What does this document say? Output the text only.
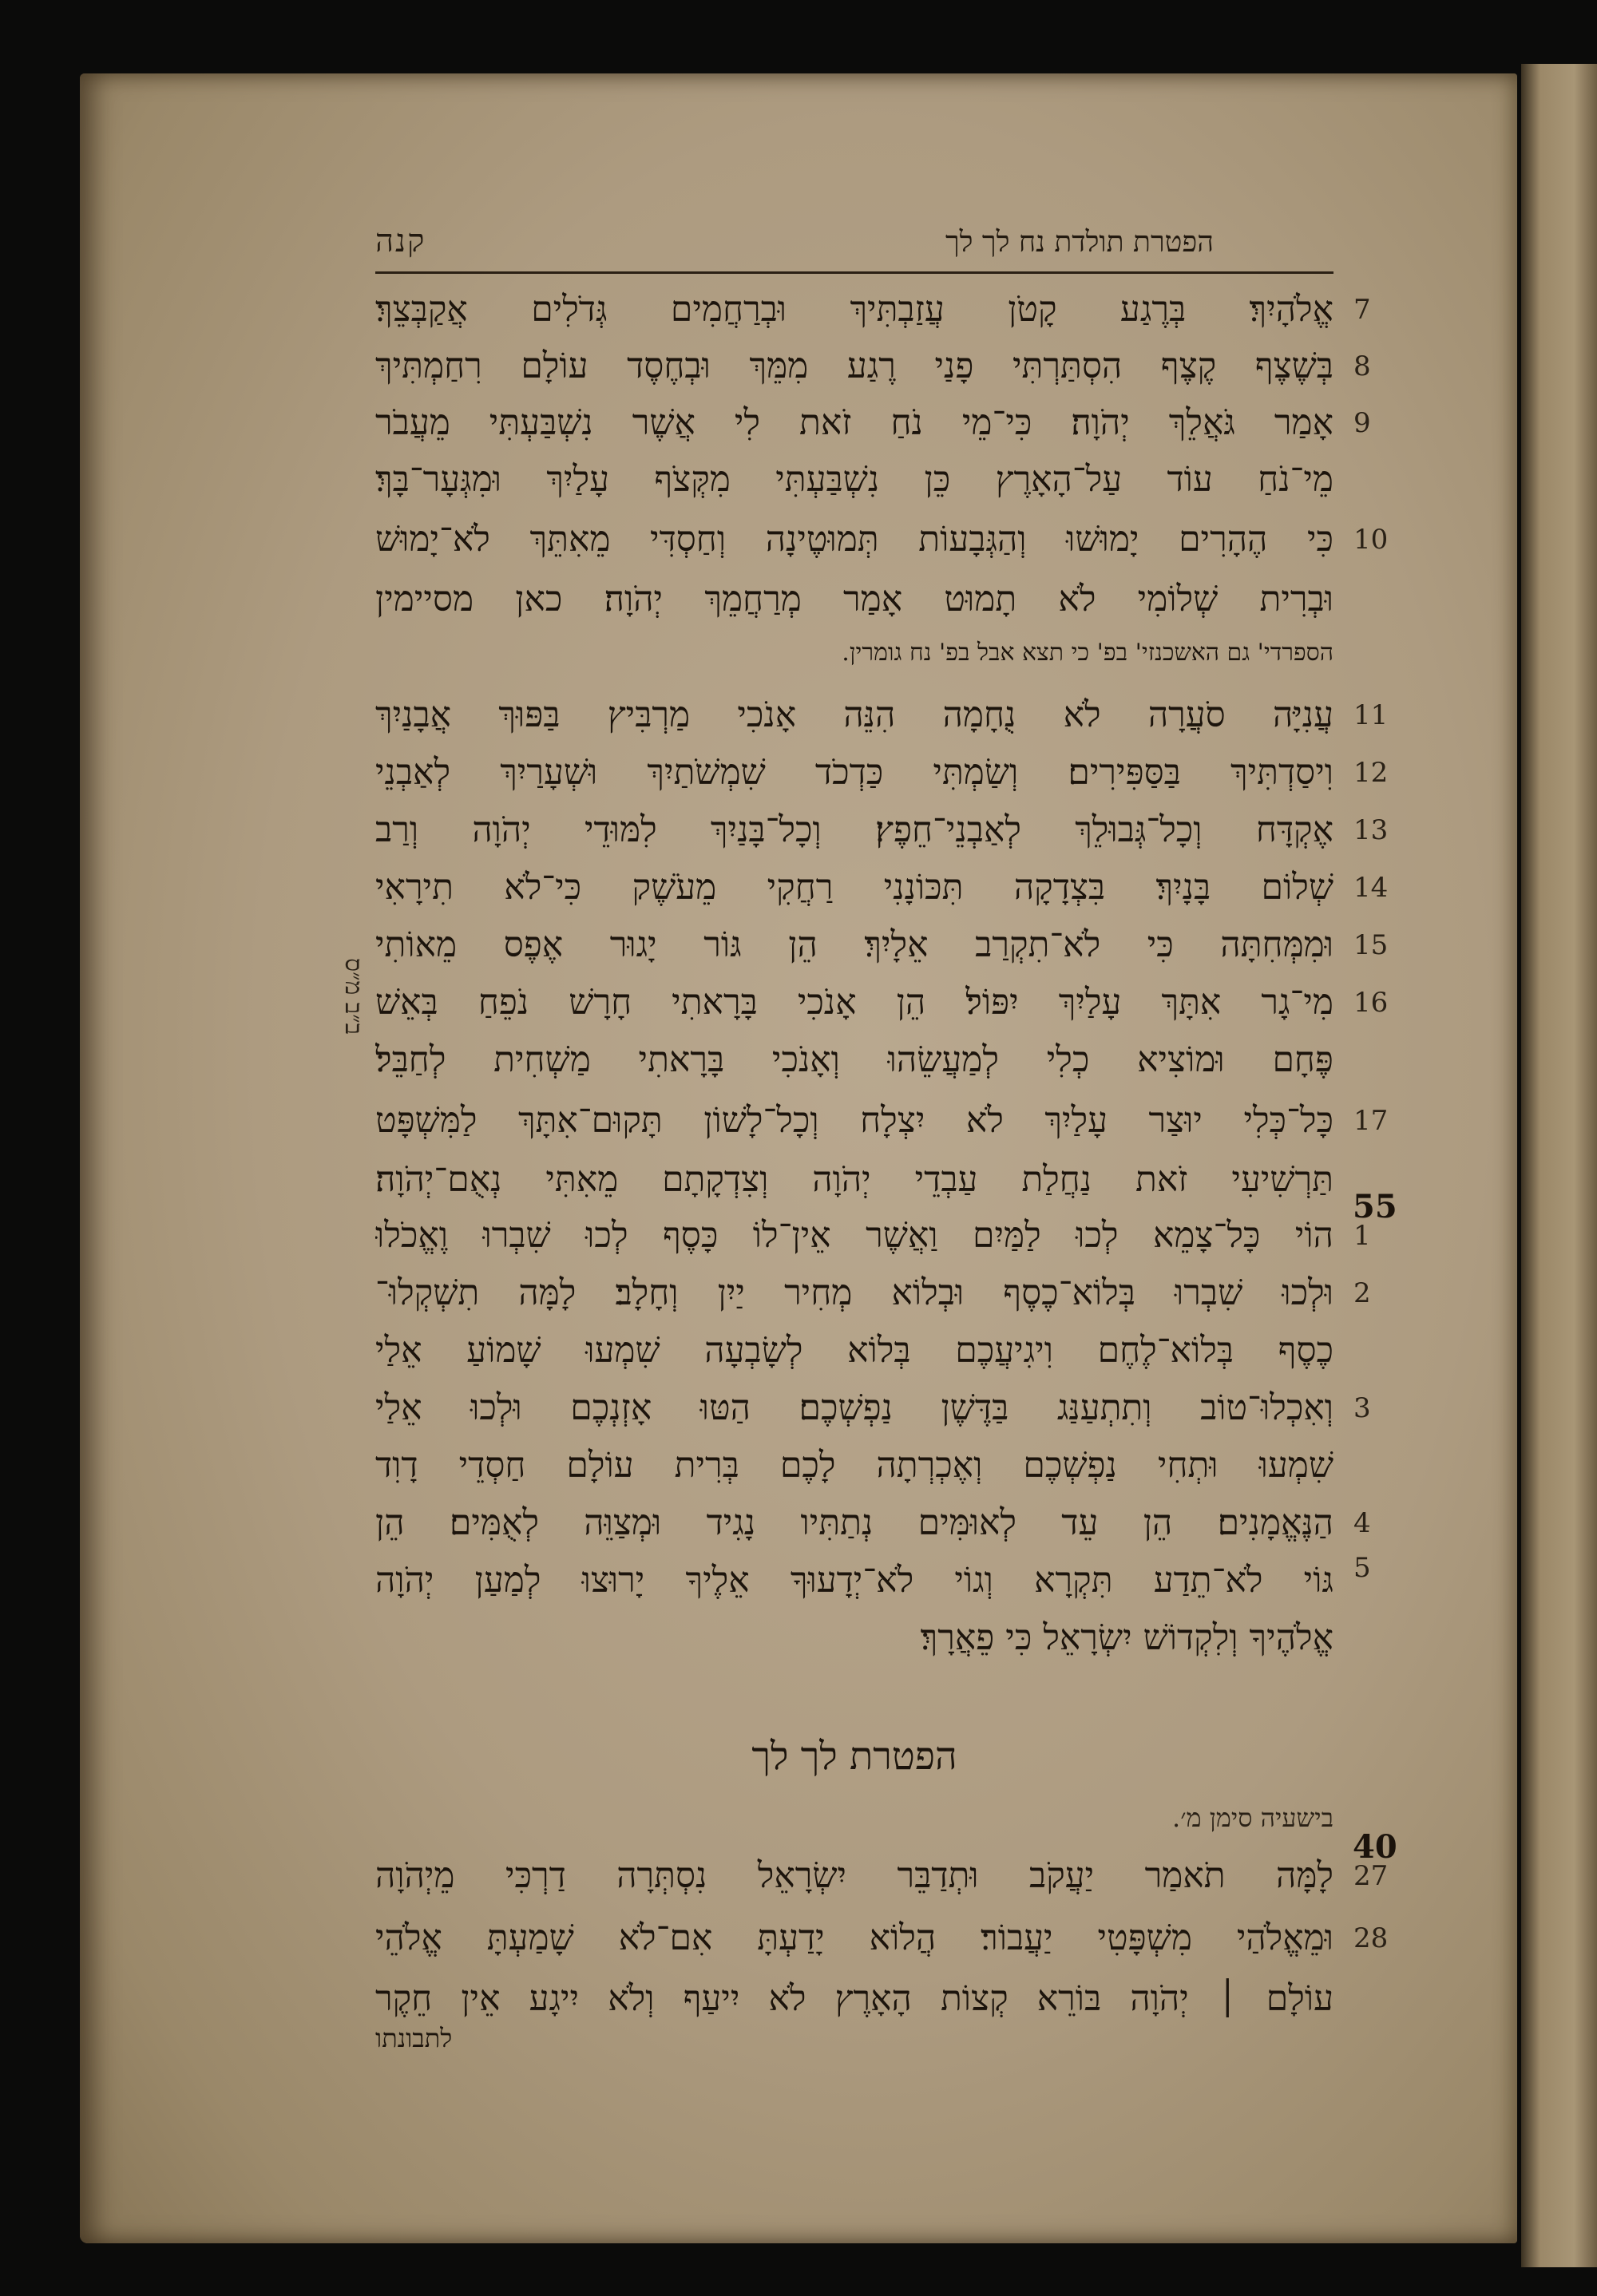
הפטרת תולדת נח לך לך
קנה
אֱלֹהָיִךְ׃ בְּרֶגַע קָטֹן עֲזַבְתִּיךְ וּבְרַחֲמִים גְּדֹלִים אֲקַבְּצֵךְ׃ 7
בְּשֶׁצֶף קֶצֶף הִסְתַּרְתִּי פָנַי רֶגַע מִמֵּךְ וּבְחֶסֶד עוֹלָם רִחַמְתִּיךְ 8
אָמַר גֹּאֲלֵךְ יְהֹוָה׃ כִּי־מֵי נֹחַ זֹאת לִי אֲשֶׁר נִשְׁבַּעְתִּי מֵעֲבֹר 9
מֵי־נֹחַ עוֹד עַל־הָאָרֶץ כֵּן נִשְׁבַּעְתִּי מִקְּצֹף עָלַיִךְ וּמִגְּעָר־בָּךְ׃
כִּי הֶהָרִים יָמוּשׁוּ וְהַגְּבָעוֹת תְּמוּטֶינָה וְחַסְדִּי מֵאִתֵּךְ לֹא־יָמוּשׁ 10
וּבְרִית שְׁלוֹמִי לֹא תָמוּט אָמַר מְרַחֲמֵךְ יְהֹוָה׃ כאן מסיימין
הספרדי' גם האשכנזי' בפ' כי תצא אבל בפ' נח גומרין.
עֲנִיָּה סֹעֲרָה לֹא נֻחָמָה הִנֵּה אָנֹכִי מַרְבִּיץ בַּפּוּךְ אֲבָנַיִךְ 11
וִיסַדְתִּיךְ בַּסַּפִּירִים׃ וְשַׂמְתִּי כַּדְכֹד שִׁמְשֹׁתַיִךְ וּשְׁעָרַיִךְ לְאַבְנֵי 12
אֶקְדָּח וְכָל־גְּבוּלֵךְ לְאַבְנֵי־חֵפֶץ׃ וְכָל־בָּנַיִךְ לִמּוּדֵי יְהֹוָה וְרַב 13
שְׁלוֹם בָּנָיִךְ׃ בִּצְדָקָה תִּכּוֹנָנִי רַחֲקִי מֵעֹשֶׁק כִּי־לֹא תִירָאִי 14
וּמִמְּחִתָּה כִּי לֹא־תִקְרַב אֵלָיִךְ׃ הֵן גּוֹר יָגוּר אֶפֶס מֵאוֹתִי 15
מִי־גָר אִתָּךְ עָלַיִךְ יִפּוֹל׃ הֵן אָנֹכִי בָּרָאתִי חָרָשׁ נֹפֵחַ בְּאֵשׁ 16
פֶּחָם וּמוֹצִיא כְלִי לְמַעֲשֵׂהוּ וְאָנֹכִי בָּרָאתִי מַשְׁחִית לְחַבֵּל׃
כָּל־כְּלִי יוּצַר עָלַיִךְ לֹא יִצְלָח וְכָל־לָשׁוֹן תָּקוּם־אִתָּךְ לַמִּשְׁפָּט 17
תַּרְשִׁיעִי זֹאת נַחֲלַת עַבְדֵי יְהֹוָה וְצִדְקָתָם מֵאִתִּי נְאֻם־יְהֹוָה׃
הוֹי כָּל־צָמֵא לְכוּ לַמַּיִם וַאֲשֶׁר אֵין־לוֹ כָּסֶף לְכוּ שִׁבְרוּ וֶאֱכֹלוּ 1
וּלְכוּ שִׁבְרוּ בְּלוֹא־כֶסֶף וּבְלוֹא מְחִיר יַיִן וְחָלָב׃ לָמָּה תִשְׁקְלוּ־ 2
כֶסֶף בְּלוֹא־לֶחֶם וִיגִיעֲכֶם בְּלוֹא לְשָׂבְעָה שִׁמְעוּ שָׁמוֹעַ אֵלַי
וְאִכְלוּ־טוֹב וְתִתְעַנַּג בַּדֶּשֶׁן נַפְשְׁכֶם׃ הַטּוּ אָזְנְכֶם וּלְכוּ אֵלַי 3
שִׁמְעוּ וּתְחִי נַפְשְׁכֶם וְאֶכְרְתָה לָכֶם בְּרִית עוֹלָם חַסְדֵי דָוִד
הַנֶּאֱמָנִים׃ הֵן עֵד לְאוּמִּים נְתַתִּיו נָגִיד וּמְצַוֵּה לְאֻמִּים׃ הֵן 4
גּוֹי לֹא־תֵדַע תִּקְרָא וְגוֹי לֹא־יְדָעוּךָ אֵלֶיךָ יָרוּצוּ לְמַעַן יְהֹוָה
אֱלֹהֶיךָ וְלִקְדוֹשׁ יִשְׂרָאֵל כִּי פֵאֲרָךְ׃
55
5
ב״ב מ״ס
הפטרת לך לך
בישעיה סימן מ׳.
40
לָמָּה תֹאמַר יַעֲקֹב וּתְדַבֵּר יִשְׂרָאֵל נִסְתְּרָה דַרְכִּי מֵיְהֹוָה 27
וּמֵאֱלֹהַי מִשְׁפָּטִי יַעֲבוֹר׃ הֲלוֹא יָדַעְתָּ אִם־לֹא שָׁמַעְתָּ אֱלֹהֵי 28
עוֹלָם ׀ יְהֹוָה בּוֹרֵא קְצוֹת הָאָרֶץ לֹא יִיעַף וְלֹא יִיגָע אֵין חֵקֶר
לתבונתו
